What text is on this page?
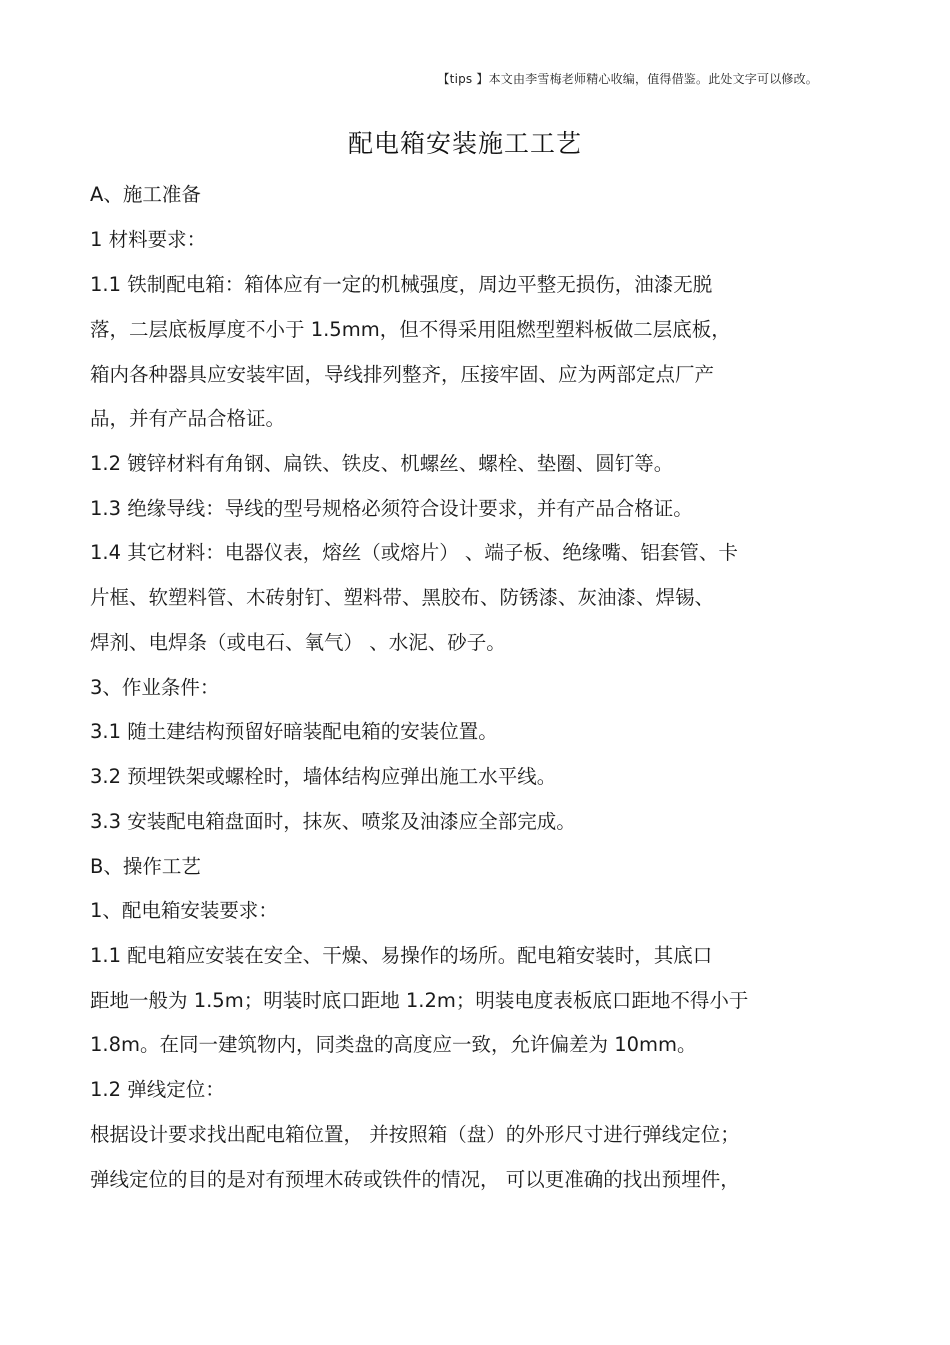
【tips 】本文由李雪梅老师精心收编，值得借鉴。此处文字可以修改。
配电箱安装施工工艺
A、施工准备
1 材料要求：
1.1 铁制配电箱：箱体应有一定的机械强度，周边平整无损伤，油漆无脱
落，二层底板厚度不小于 1.5mm，但不得采用阻燃型塑料板做二层底板，
箱内各种器具应安装牢固，导线排列整齐，压接牢固、应为两部定点厂产
品，并有产品合格证。
1.2 镀锌材料有角钢、扁铁、铁皮、机螺丝、螺栓、垫圈、圆钉等。
1.3 绝缘导线：导线的型号规格必须符合设计要求，并有产品合格证。
1.4 其它材料：电器仪表，熔丝（或熔片） 、端子板、绝缘嘴、铝套管、卡
片框、软塑料管、木砖射钉、塑料带、黑胶布、防锈漆、灰油漆、焊锡、
焊剂、电焊条（或电石、氧气） 、水泥、砂子。
3、作业条件：
3.1 随土建结构预留好暗装配电箱的安装位置。
3.2 预埋铁架或螺栓时，墙体结构应弹出施工水平线。
3.3 安装配电箱盘面时，抹灰、喷浆及油漆应全部完成。
B、操作工艺
1、配电箱安装要求：
1.1 配电箱应安装在安全、干燥、易操作的场所。配电箱安装时，其底口
距地一般为 1.5m；明装时底口距地 1.2m；明装电度表板底口距地不得小于
1.8m。在同一建筑物内，同类盘的高度应一致，允许偏差为 10mm。
1.2 弹线定位：
根据设计要求找出配电箱位置， 并按照箱（盘）的外形尺寸进行弹线定位；
弹线定位的目的是对有预埋木砖或铁件的情况， 可以更准确的找出预埋件，
